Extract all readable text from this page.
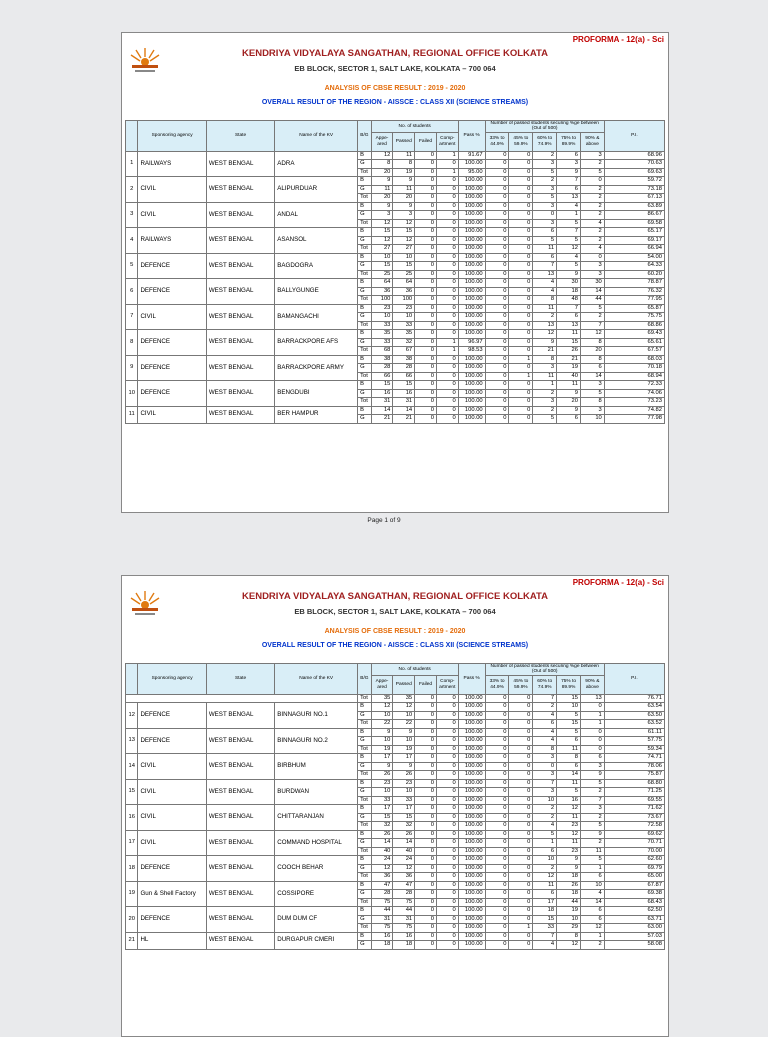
PROFORMA - 12(a) - Sci
KENDRIYA VIDYALAYA SANGATHAN, REGIONAL OFFICE KOLKATA
EB BLOCK, SECTOR 1, SALT LAKE, KOLKATA – 700 064
ANALYSIS OF CBSE RESULT : 2019 - 2020
OVERALL RESULT OF THE REGION - AISSCE : CLASS XII (SCIENCE STREAMS)
	Sponsoring agency	State	Name of the KV	B/G	No. of students				Pass %	Number of passed students securing %ge between (Out of 500)					P.I.
					Appe-ared	Passed	Failed	Comp-artment		33% to 44.9%	45% to 59.9%	60% to 74.9%	75% to 89.9%	90% & above	
1	RAILWAYS	WEST BENGAL	ADRA	B	12	11	0	1	91.67	0	0	2	6	3	68.96
				G	8	8	0	0	100.00	0	0	3	3	2	70.63
				Tot	20	19	0	1	95.00	0	0	5	9	5	69.63
2	CIVIL	WEST BENGAL	ALIPURDUAR	B	9	9	0	0	100.00	0	0	2	7	0	59.72
				G	11	11	0	0	100.00	0	0	3	6	2	73.18
				Tot	20	20	0	0	100.00	0	0	5	13	2	67.13
3	CIVIL	WEST BENGAL	ANDAL	B	9	9	0	0	100.00	0	0	3	4	2	63.89
				G	3	3	0	0	100.00	0	0	0	1	2	86.67
				Tot	12	12	0	0	100.00	0	0	3	5	4	69.58
4	RAILWAYS	WEST BENGAL	ASANSOL	B	15	15	0	0	100.00	0	0	6	7	2	65.17
				G	12	12	0	0	100.00	0	0	5	5	2	69.17
				Tot	27	27	0	0	100.00	0	0	11	12	4	66.94
5	DEFENCE	WEST BENGAL	BAGDOGRA	B	10	10	0	0	100.00	0	0	6	4	0	54.00
				G	15	15	0	0	100.00	0	0	7	5	3	64.33
				Tot	25	25	0	0	100.00	0	0	13	9	3	60.20
6	DEFENCE	WEST BENGAL	BALLYGUNGE	B	64	64	0	0	100.00	0	0	4	30	30	78.87
				G	36	36	0	0	100.00	0	0	4	18	14	76.32
				Tot	100	100	0	0	100.00	0	0	8	48	44	77.95
7	CIVIL	WEST BENGAL	BAMANGACHI	B	23	23	0	0	100.00	0	0	11	7	5	65.87
				G	10	10	0	0	100.00	0	0	2	6	2	75.75
				Tot	33	33	0	0	100.00	0	0	13	13	7	68.86
8	DEFENCE	WEST BENGAL	BARRACKPORE AFS	B	35	35	0	0	100.00	0	0	12	11	12	69.43
				G	33	32	0	1	96.97	0	0	9	15	8	65.61
				Tot	68	67	0	1	98.53	0	0	21	26	20	67.57
9	DEFENCE	WEST BENGAL	BARRACKPORE ARMY	B	38	38	0	0	100.00	0	1	8	21	8	68.03
				G	28	28	0	0	100.00	0	0	3	19	6	70.18
				Tot	66	66	0	0	100.00	0	1	11	40	14	68.94
10	DEFENCE	WEST BENGAL	BENGDUBI	B	15	15	0	0	100.00	0	0	1	11	3	72.33
				G	16	16	0	0	100.00	0	0	2	9	5	74.06
				Tot	31	31	0	0	100.00	0	0	3	20	8	73.23
11	CIVIL	WEST BENGAL	BER HAMPUR	B	14	14	0	0	100.00	0	0	2	9	3	74.82
				G	21	21	0	0	100.00	0	0	5	6	10	77.98
Page 1 of 9
PROFORMA - 12(a) - Sci
KENDRIYA VIDYALAYA SANGATHAN, REGIONAL OFFICE KOLKATA
EB BLOCK, SECTOR 1, SALT LAKE, KOLKATA – 700 064
ANALYSIS OF CBSE RESULT : 2019 - 2020
OVERALL RESULT OF THE REGION - AISSCE : CLASS XII (SCIENCE STREAMS)
	Sponsoring agency	State	Name of the KV	B/G	No. of students				Pass %	Number of passed students securing %ge between (Out of 500)					P.I.
					Appe-ared	Passed	Failed	Comp-artment		33% to 44.9%	45% to 59.9%	60% to 74.9%	75% to 89.9%	90% & above	
				Tot	35	35	0	0	100.00	0	0	7	15	13	76.71
12	DEFENCE	WEST BENGAL	BINNAGURI NO.1	B	12	12	0	0	100.00	0	0	2	10	0	63.54
				G	10	10	0	0	100.00	0	0	4	5	1	63.50
				Tot	22	22	0	0	100.00	0	0	6	15	1	63.52
13	DEFENCE	WEST BENGAL	BINNAGURI NO.2	B	9	9	0	0	100.00	0	0	4	5	0	61.11
				G	10	10	0	0	100.00	0	0	4	6	0	57.75
				Tot	19	19	0	0	100.00	0	0	8	11	0	59.34
14	CIVIL	WEST BENGAL	BIRBHUM	B	17	17	0	0	100.00	0	0	3	8	6	74.71
				G	9	9	0	0	100.00	0	0	0	6	3	78.06
				Tot	26	26	0	0	100.00	0	0	3	14	9	75.87
15	CIVIL	WEST BENGAL	BURDWAN	B	23	23	0	0	100.00	0	0	7	11	5	68.80
				G	10	10	0	0	100.00	0	0	3	5	2	71.25
				Tot	33	33	0	0	100.00	0	0	10	16	7	69.55
16	CIVIL	WEST BENGAL	CHITTARANJAN	B	17	17	0	0	100.00	0	0	2	12	3	71.62
				G	15	15	0	0	100.00	0	0	2	11	2	73.67
				Tot	32	32	0	0	100.00	0	0	4	23	5	72.58
17	CIVIL	WEST BENGAL	COMMAND HOSPITAL	B	26	26	0	0	100.00	0	0	5	12	9	69.62
				G	14	14	0	0	100.00	0	0	1	11	2	70.71
				Tot	40	40	0	0	100.00	0	0	6	23	11	70.00
18	DEFENCE	WEST BENGAL	COOCH BEHAR	B	24	24	0	0	100.00	0	0	10	9	5	62.60
				G	12	12	0	0	100.00	0	0	2	9	1	69.79
				Tot	36	36	0	0	100.00	0	0	12	18	6	65.00
19	Gun & Shell Factory	WEST BENGAL	COSSIPORE	B	47	47	0	0	100.00	0	0	11	26	10	67.87
				G	28	28	0	0	100.00	0	0	6	18	4	69.38
				Tot	75	75	0	0	100.00	0	0	17	44	14	68.43
20	DEFENCE	WEST BENGAL	DUM DUM CF	B	44	44	0	0	100.00	0	0	18	19	6	62.50
				G	31	31	0	0	100.00	0	0	15	10	6	63.71
				Tot	75	75	0	0	100.00	0	1	33	29	12	63.00
21	HL	WEST BENGAL	DURGAPUR CMERI	B	16	16	0	0	100.00	0	0	7	8	1	57.03
				G	18	18	0	0	100.00	0	0	4	12	2	58.08
